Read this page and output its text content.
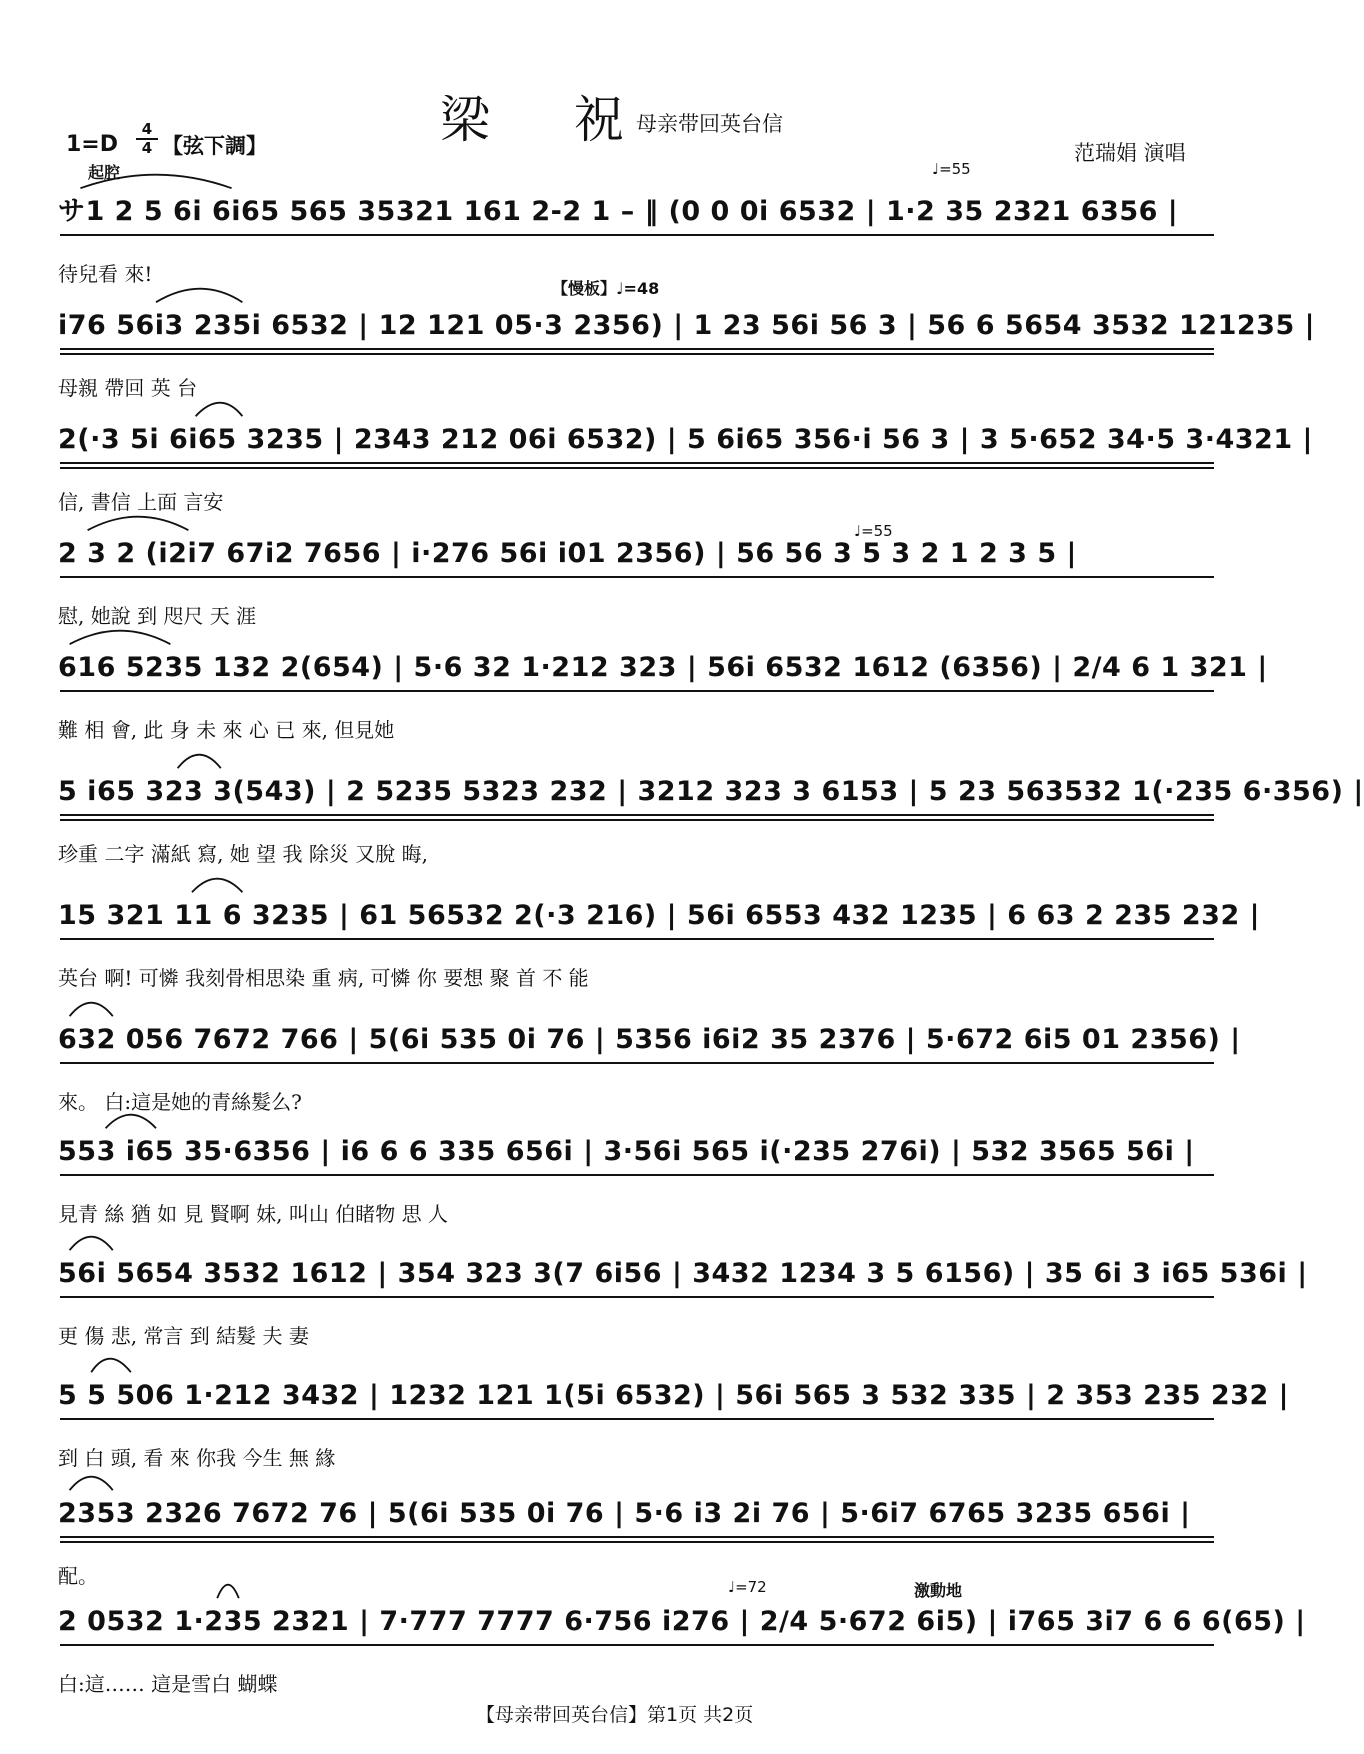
梁 祝
母亲带回英台信
1=D
4
4 【弦下調】	范瑞娟 演唱
起腔
【慢板】♩=48
♩=55
♩=55
♩=72	激動地
サ1 2 5 6i 6i65 565 35321 161 2-2 1 – ‖ (0 0 0i 6532 | 1·2 35 2321 6356 |
待兒看 來!
i76 56i3 235i 6532 | 12 121 05·3 2356) | 1 23 56i 56 3 | 56 6 5654 3532 121235 |
母親 帶回 英 台
2(·3 5i 6i65 3235 | 2343 212 06i 6532) | 5 6i65 356·i 56 3 | 3 5·652 34·5 3·4321 |
信, 書信 上面 言安
2 3 2 (i2i7 67i2 7656 | i·276 56i i01 2356) | 56 56 3 5 3 2 1 2 3 5 |
慰, 她說 到 咫尺 天 涯
616 5235 132 2(654) | 5·6 32 1·212 323 | 56i 6532 1612 (6356) | 2/4 6 1 321 |
難 相 會, 此 身 未 來 心 已 來, 但見她
5 i65 323 3(543) | 2 5235 5323 232 | 3212 323 3 6153 | 5 23 563532 1(·235 6·356) |
珍重 二字 滿紙 寫, 她 望 我 除災 又脫 晦,
15 321 11 6 3235 | 61 56532 2(·3 216) | 56i 6553 432 1235 | 6 63 2 235 232 |
英台 啊! 可憐 我刻骨相思染 重 病, 可憐 你 要想 聚 首 不 能
632 056 7672 766 | 5(6i 535 0i 76 | 5356 i6i2 35 2376 | 5·672 6i5 01 2356) |
來。 白:這是她的青絲髮么?
553 i65 35·6356 | i6 6 6 335 656i | 3·56i 565 i(·235 276i) | 532 3565 56i |
見青 絲 猶 如 見 賢啊 妹, 叫山 伯睹物 思 人
56i 5654 3532 1612 | 354 323 3(7 6i56 | 3432 1234 3 5 6156) | 35 6i 3 i65 536i |
更 傷 悲, 常言 到 結髮 夫 妻
5 5 506 1·212 3432 | 1232 121 1(5i 6532) | 56i 565 3 532 335 | 2 353 235 232 |
到 白 頭, 看 來 你我 今生 無 緣
2353 2326 7672 76 | 5(6i 535 0i 76 | 5·6 i3 2i 76 | 5·6i7 6765 3235 656i |
配。
2 0532 1·235 2321 | 7·777 7777 6·756 i276 | 2/4 5·672 6i5) | i765 3i7 6 6 6(65) |
白:這…… 這是雪白 蝴蝶
【母亲带回英台信】第1页 共2页
